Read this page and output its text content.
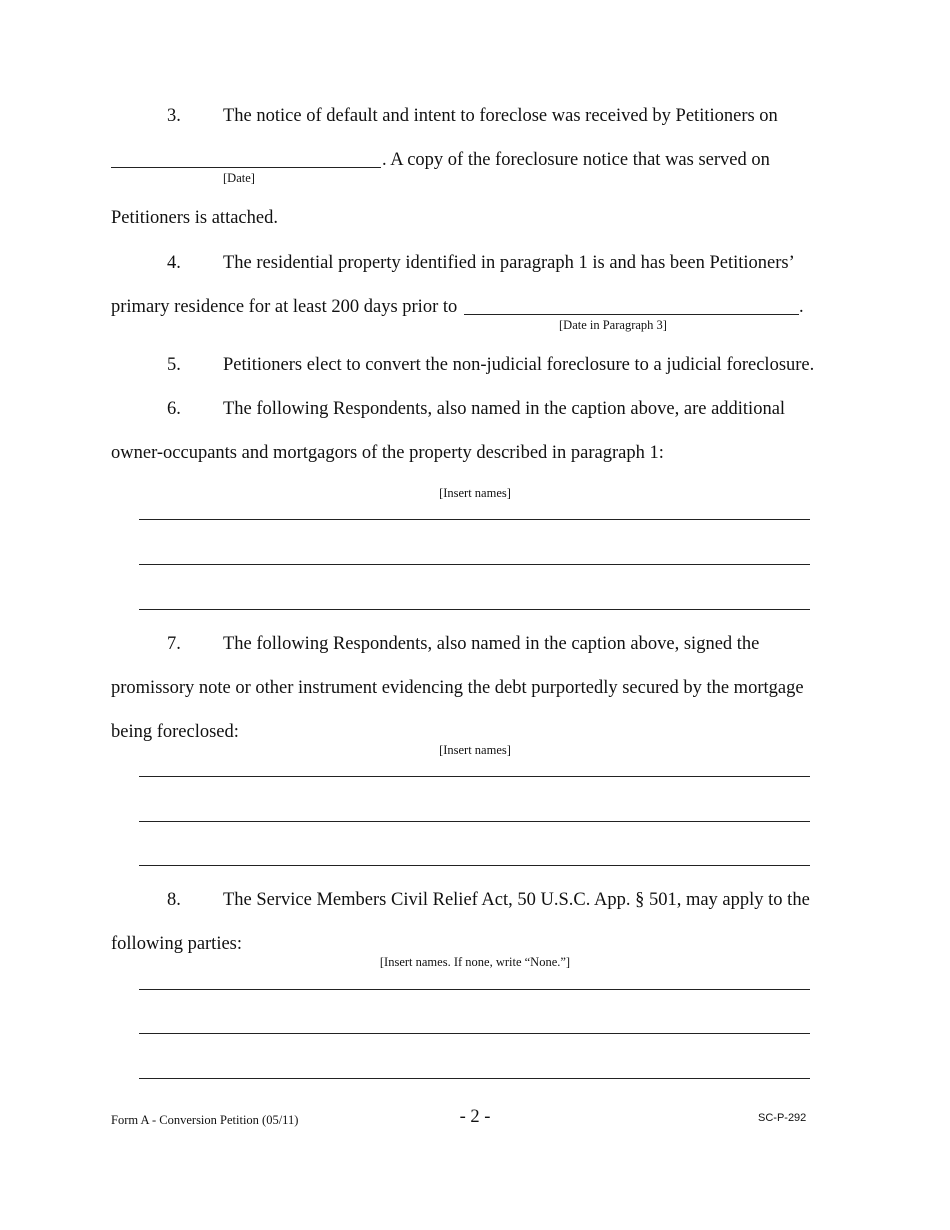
3. The notice of default and intent to foreclose was received by Petitioners on
. A copy of the foreclosure notice that was served on
[Date]
Petitioners is attached.
4. The residential property identified in paragraph 1 is and has been Petitioners’
primary residence for at least 200 days prior to	.
[Date in Paragraph 3]
5. Petitioners elect to convert the non-judicial foreclosure to a judicial foreclosure.
6. The following Respondents, also named in the caption above, are additional
owner-occupants and mortgagors of the property described in paragraph 1:
[Insert names]
7. The following Respondents, also named in the caption above, signed the
promissory note or other instrument evidencing the debt purportedly secured by the mortgage
being foreclosed:
[Insert names]
8. The Service Members Civil Relief Act, 50 U.S.C. App. § 501, may apply to the
following parties:
[Insert names. If none, write “None.”]
Form A - Conversion Petition (05/11)	- 2 -	SC-P-292
